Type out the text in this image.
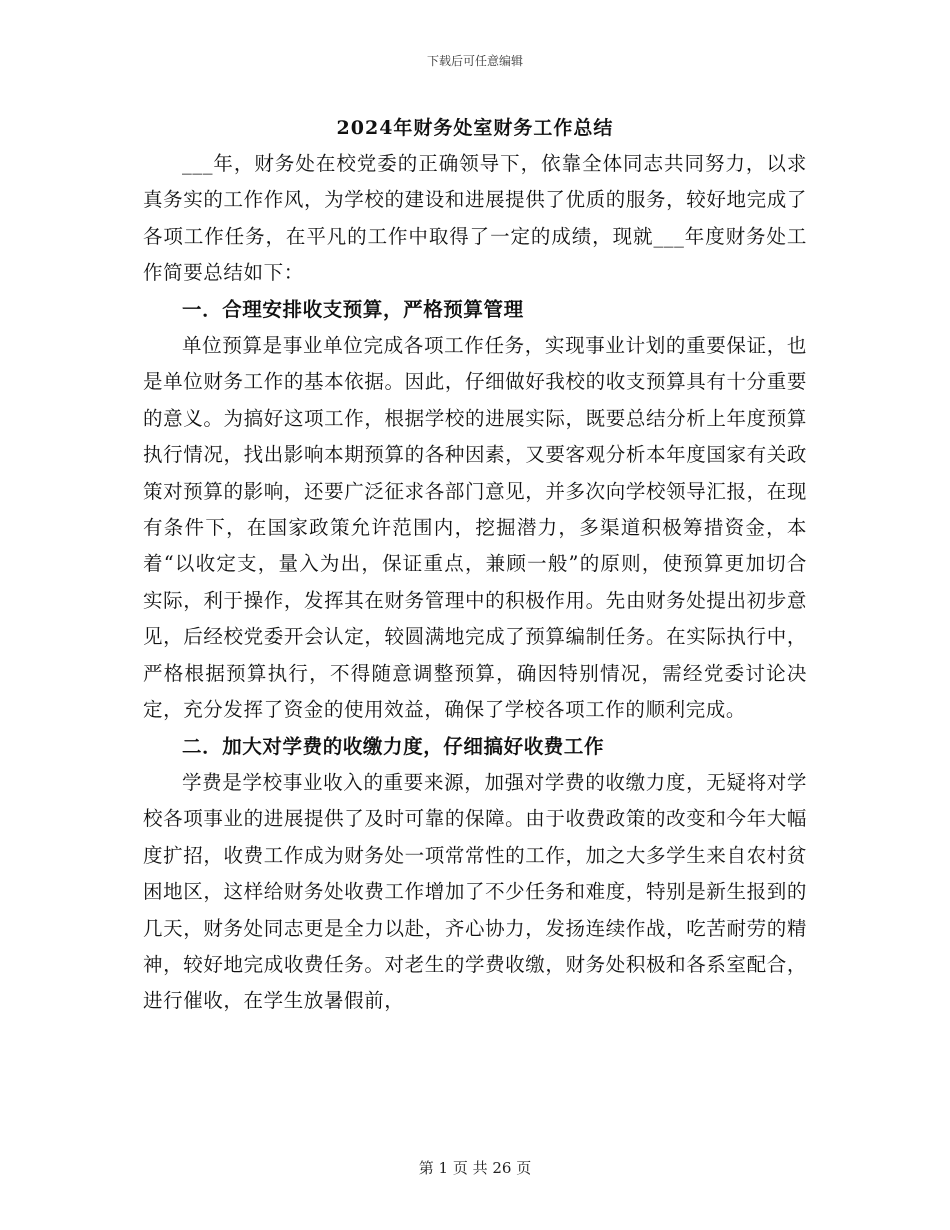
下载后可任意编辑
2024年财务处室财务工作总结

___年，财务处在校党委的正确领导下，依靠全体同志共同努力，以求真务实的工作作风，为学校的建设和进展提供了优质的服务，较好地完成了各项工作任务，在平凡的工作中取得了一定的成绩，现就___年度财务处工作简要总结如下：

一．合理安排收支预算，严格预算管理

单位预算是事业单位完成各项工作任务，实现事业计划的重要保证，也是单位财务工作的基本依据。因此，仔细做好我校的收支预算具有十分重要的意义。为搞好这项工作，根据学校的进展实际，既要总结分析上年度预算执行情况，找出影响本期预算的各种因素，又要客观分析本年度国家有关政策对预算的影响，还要广泛征求各部门意见，并多次向学校领导汇报，在现有条件下，在国家政策允许范围内，挖掘潜力，多渠道积极筹措资金，本着“以收定支，量入为出，保证重点，兼顾一般”的原则，使预算更加切合实际，利于操作，发挥其在财务管理中的积极作用。先由财务处提出初步意见，后经校党委开会认定，较圆满地完成了预算编制任务。在实际执行中，严格根据预算执行，不得随意调整预算，确因特别情况，需经党委讨论决定，充分发挥了资金的使用效益，确保了学校各项工作的顺利完成。

二．加大对学费的收缴力度，仔细搞好收费工作

学费是学校事业收入的重要来源，加强对学费的收缴力度，无疑将对学校各项事业的进展提供了及时可靠的保障。由于收费政策的改变和今年大幅度扩招，收费工作成为财务处一项常常性的工作，加之大多学生来自农村贫困地区，这样给财务处收费工作增加了不少任务和难度，特别是新生报到的几天，财务处同志更是全力以赴，齐心协力，发扬连续作战，吃苦耐劳的精神，较好地完成收费任务。对老生的学费收缴，财务处积极和各系室配合，进行催收，在学生放暑假前，

第 1 页 共 26 页
